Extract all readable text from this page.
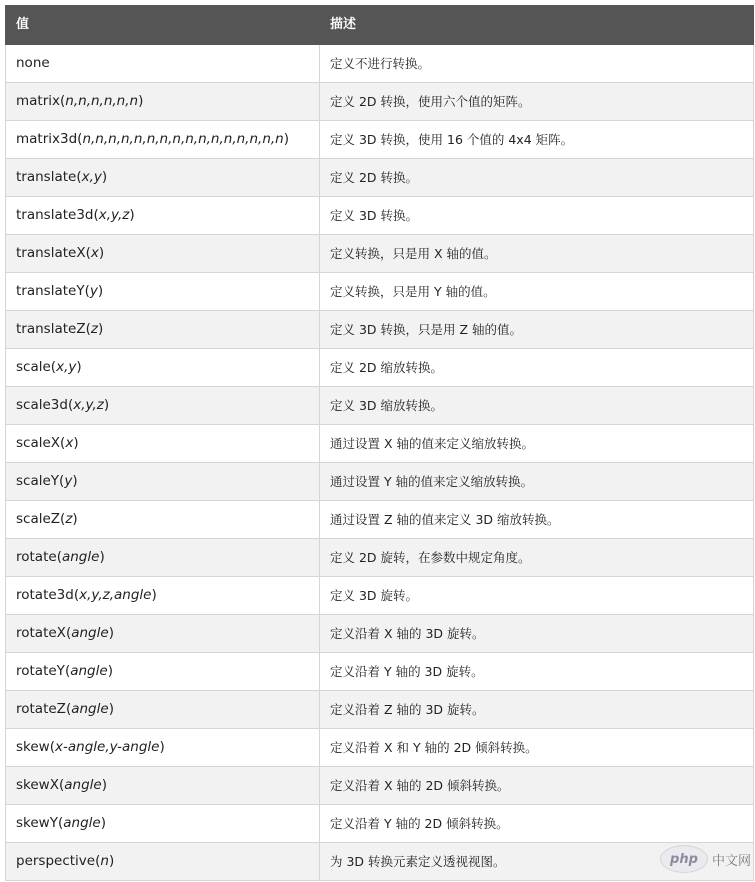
值	描述
none	定义不进行转换。
matrix(n,n,n,n,n,n)	定义 2D 转换，使用六个值的矩阵。
matrix3d(n,n,n,n,n,n,n,n,n,n,n,n,n,n,n,n)	定义 3D 转换，使用 16 个值的 4x4 矩阵。
translate(x,y)	定义 2D 转换。
translate3d(x,y,z)	定义 3D 转换。
translateX(x)	定义转换，只是用 X 轴的值。
translateY(y)	定义转换，只是用 Y 轴的值。
translateZ(z)	定义 3D 转换，只是用 Z 轴的值。
scale(x,y)	定义 2D 缩放转换。
scale3d(x,y,z)	定义 3D 缩放转换。
scaleX(x)	通过设置 X 轴的值来定义缩放转换。
scaleY(y)	通过设置 Y 轴的值来定义缩放转换。
scaleZ(z)	通过设置 Z 轴的值来定义 3D 缩放转换。
rotate(angle)	定义 2D 旋转，在参数中规定角度。
rotate3d(x,y,z,angle)	定义 3D 旋转。
rotateX(angle)	定义沿着 X 轴的 3D 旋转。
rotateY(angle)	定义沿着 Y 轴的 3D 旋转。
rotateZ(angle)	定义沿着 Z 轴的 3D 旋转。
skew(x-angle,y-angle)	定义沿着 X 和 Y 轴的 2D 倾斜转换。
skewX(angle)	定义沿着 X 轴的 2D 倾斜转换。
skewY(angle)	定义沿着 Y 轴的 2D 倾斜转换。
perspective(n)	为 3D 转换元素定义透视视图。	php	中文网
